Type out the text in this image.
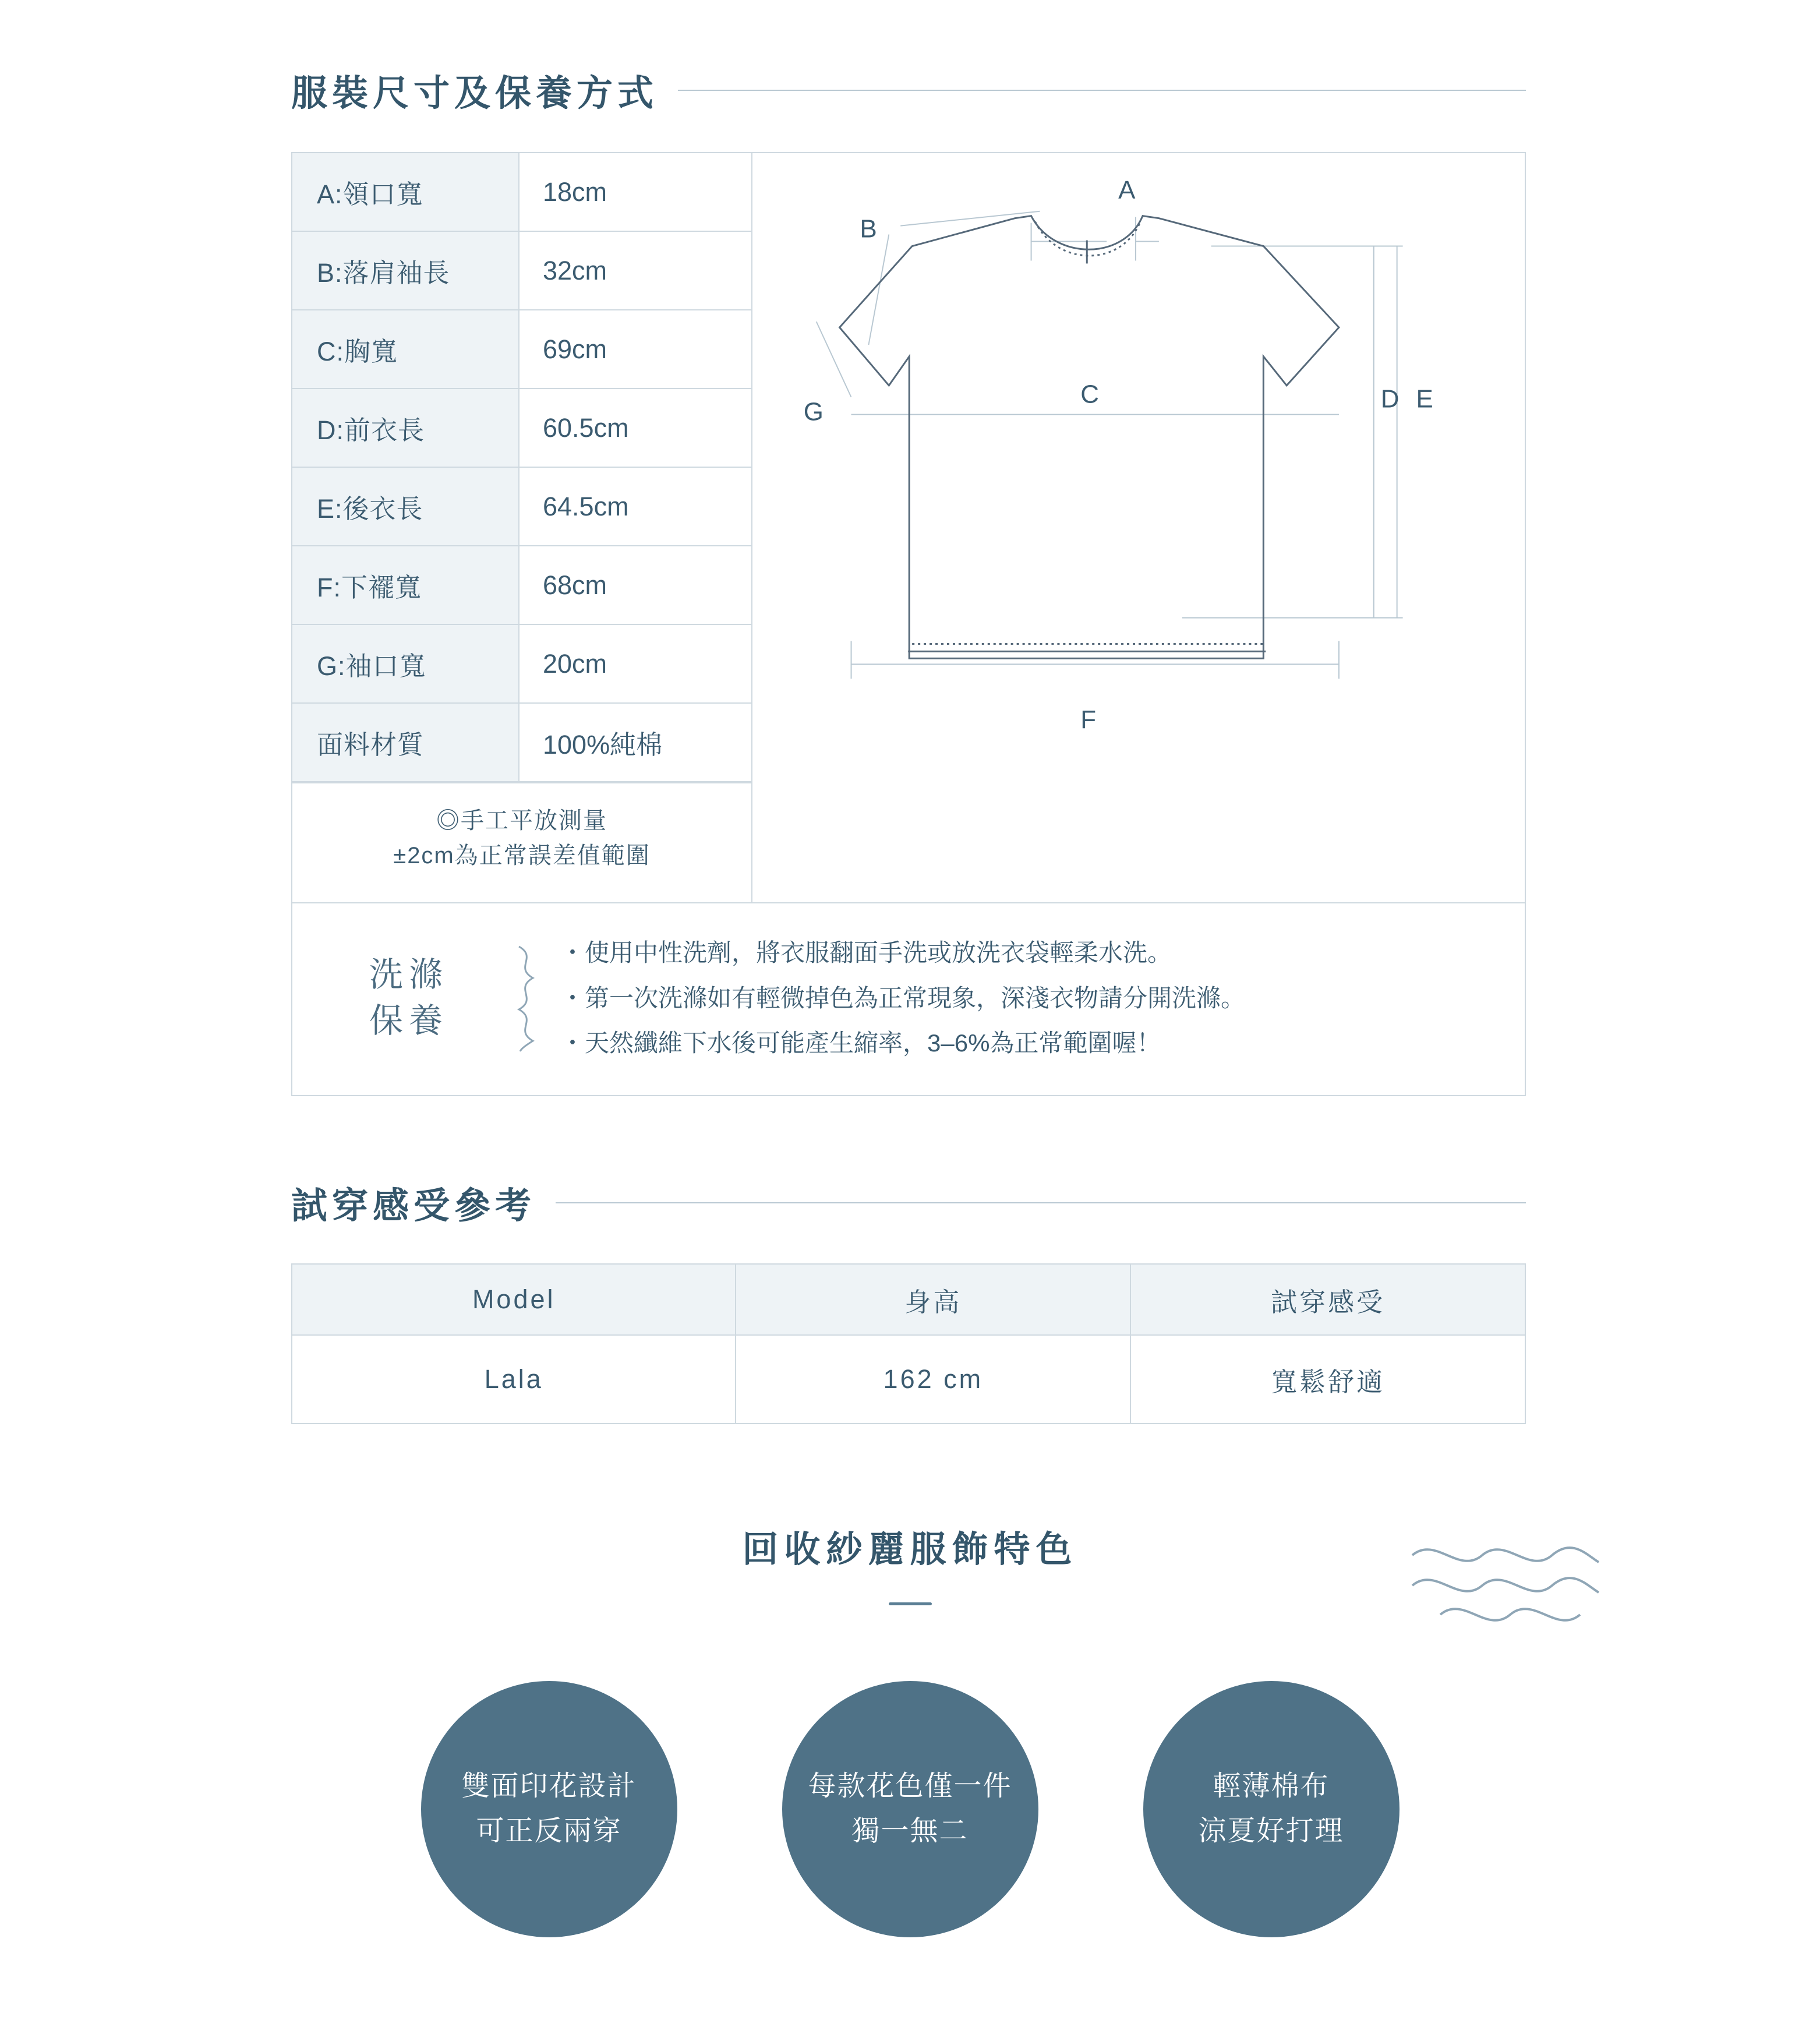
服裝尺寸及保養方式
A:領口寬	18cm
B:落肩袖長	32cm
C:胸寬	69cm
D:前衣長	60.5cm
E:後衣長	64.5cm
F:下襬寬	68cm
G:袖口寬	20cm
面料材質	100%純棉
◎手工平放測量
±2cm為正常誤差值範圍
A
B
C	D E
F
G
洗滌
保養
・ 使用中性洗劑，將衣服翻面手洗或放洗衣袋輕柔水洗。
・ 第一次洗滌如有輕微掉色為正常現象，深淺衣物請分開洗滌。
・ 天然纖維下水後可能產生縮率，3–6%為正常範圍喔！
試穿感受參考
Model	身高	試穿感受
Lala	162 cm	寬鬆舒適
回收紗麗服飾特色
雙面印花設計
可正反兩穿
每款花色僅一件
獨一無二
輕薄棉布
涼夏好打理
